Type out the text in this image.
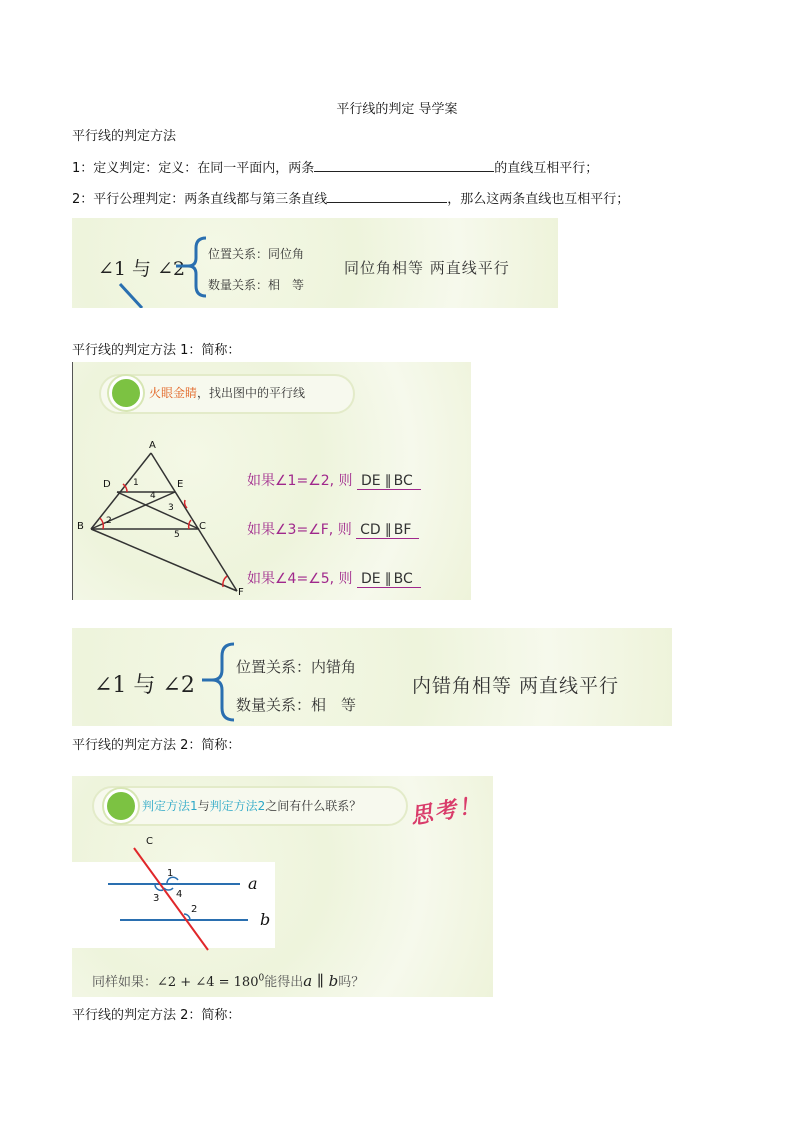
平行线的判定 导学案
平行线的判定方法
1：定义判定：定义：在同一平面内，两条	的直线互相平行；
2：平行公理判定：两条直线都与第三条直线	，那么这两条直线也互相平行；
∠1 与 ∠2
位置关系：同位角
数量关系：相　等
同位角相等 两直线平行
平行线的判定方法 1：简称：
火眼金睛，找出图中的平行线
A
D	E
B	C
F
1
2
3
4
5
如果∠1=∠2, 则 DE ∥ BC
如果∠3=∠F, 则 CD ∥ BF
如果∠4=∠5, 则 DE ∥ BC
∠1 与 ∠2
位置关系：内错角
数量关系：相　等
内错角相等 两直线平行
平行线的判定方法 2：简称：
判定方法1与判定方法2之间有什么联系？ 思考！
C
a
b
1
4
3
2
同样如果：∠2 + ∠4 = $180^0$能得出a ∥ b吗？
平行线的判定方法 2：简称：
